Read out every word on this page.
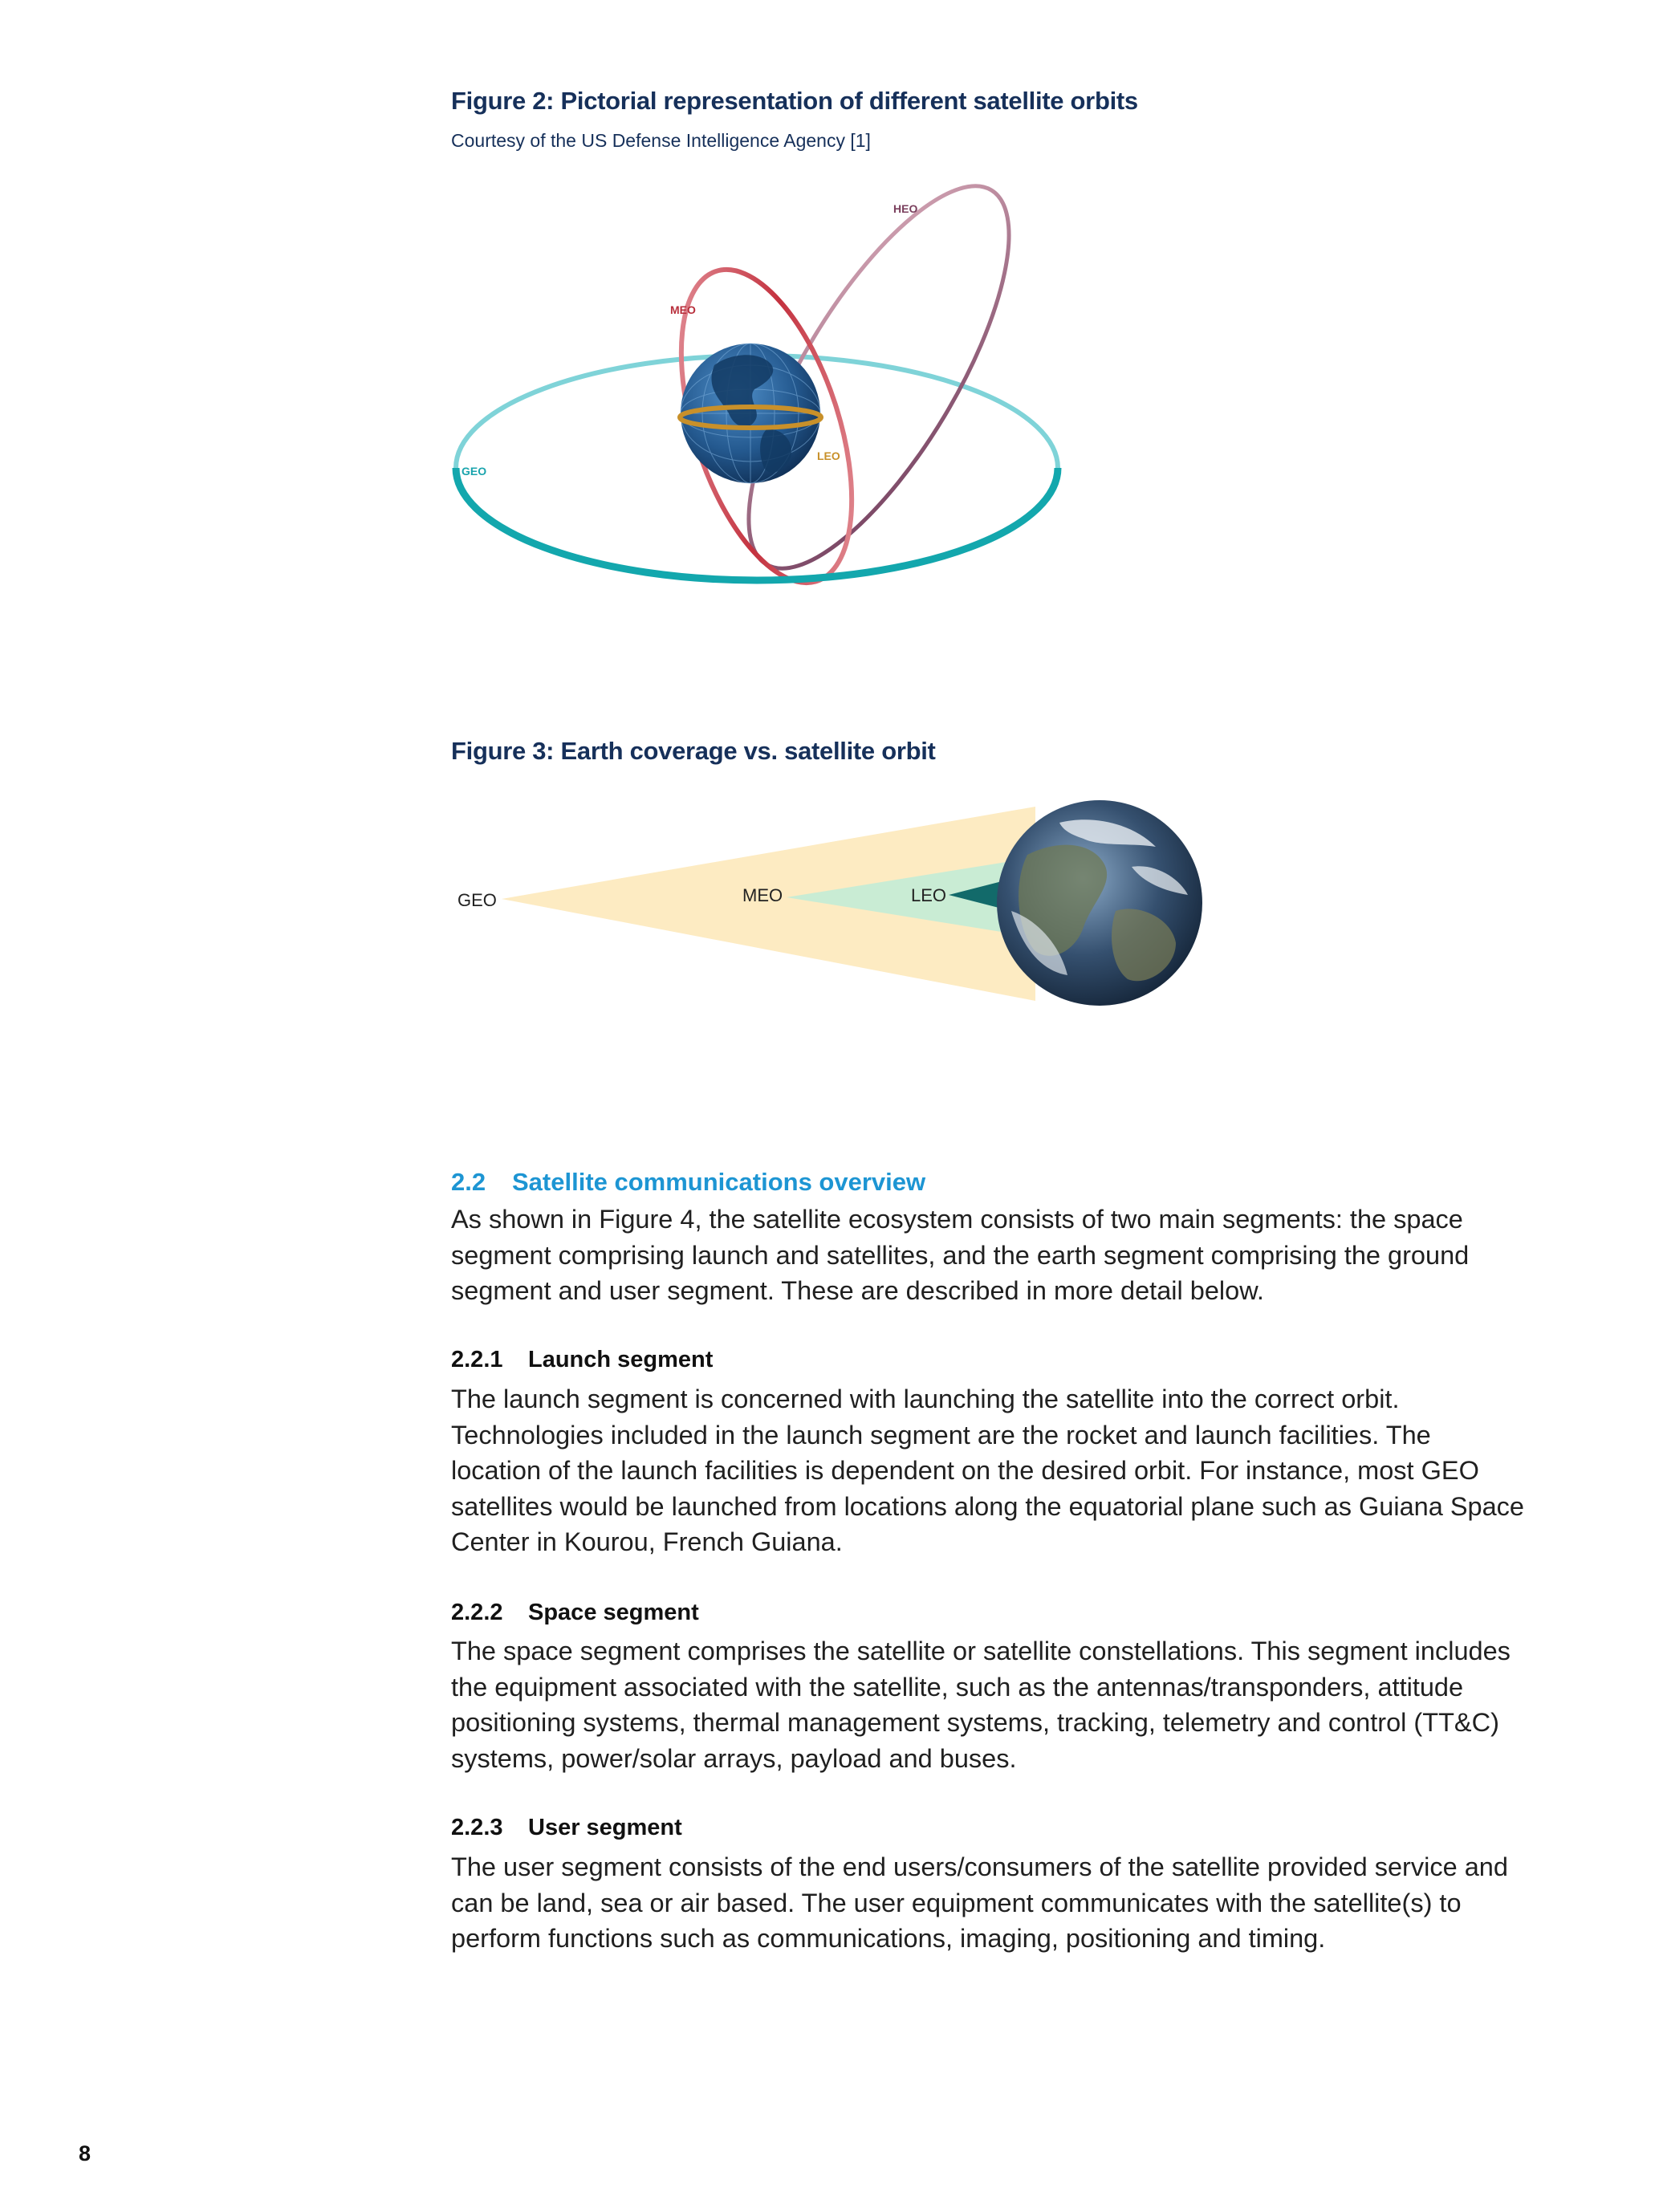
Figure 2: Pictorial representation of different satellite orbits

Courtesy of the US Defense Intelligence Agency [1]

HEO
MEO
GEO
LEO
Figure 3: Earth coverage vs. satellite orbit
GEO	MEO	LEO
2.2 Satellite communications overview

As shown in Figure 4, the satellite ecosystem consists of two main segments: the space segment comprising launch and satellites, and the earth segment comprising the ground segment and user segment. These are described in more detail below.

2.2.1 Launch segment

The launch segment is concerned with launching the satellite into the correct orbit. Technologies included in the launch segment are the rocket and launch facilities. The location of the launch facilities is dependent on the desired orbit. For instance, most GEO satellites would be launched from locations along the equatorial plane such as Guiana Space Center in Kourou, French Guiana.

2.2.2 Space segment

The space segment comprises the satellite or satellite constellations. This segment includes the equipment associated with the satellite, such as the antennas/transponders, attitude positioning systems, thermal management systems, tracking, telemetry and control (TT&C) systems, power/solar arrays, payload and buses.

2.2.3 User segment

The user segment consists of the end users/consumers of the satellite provided service and can be land, sea or air based. The user equipment communicates with the satellite(s) to perform functions such as communications, imaging, positioning and timing.

8
